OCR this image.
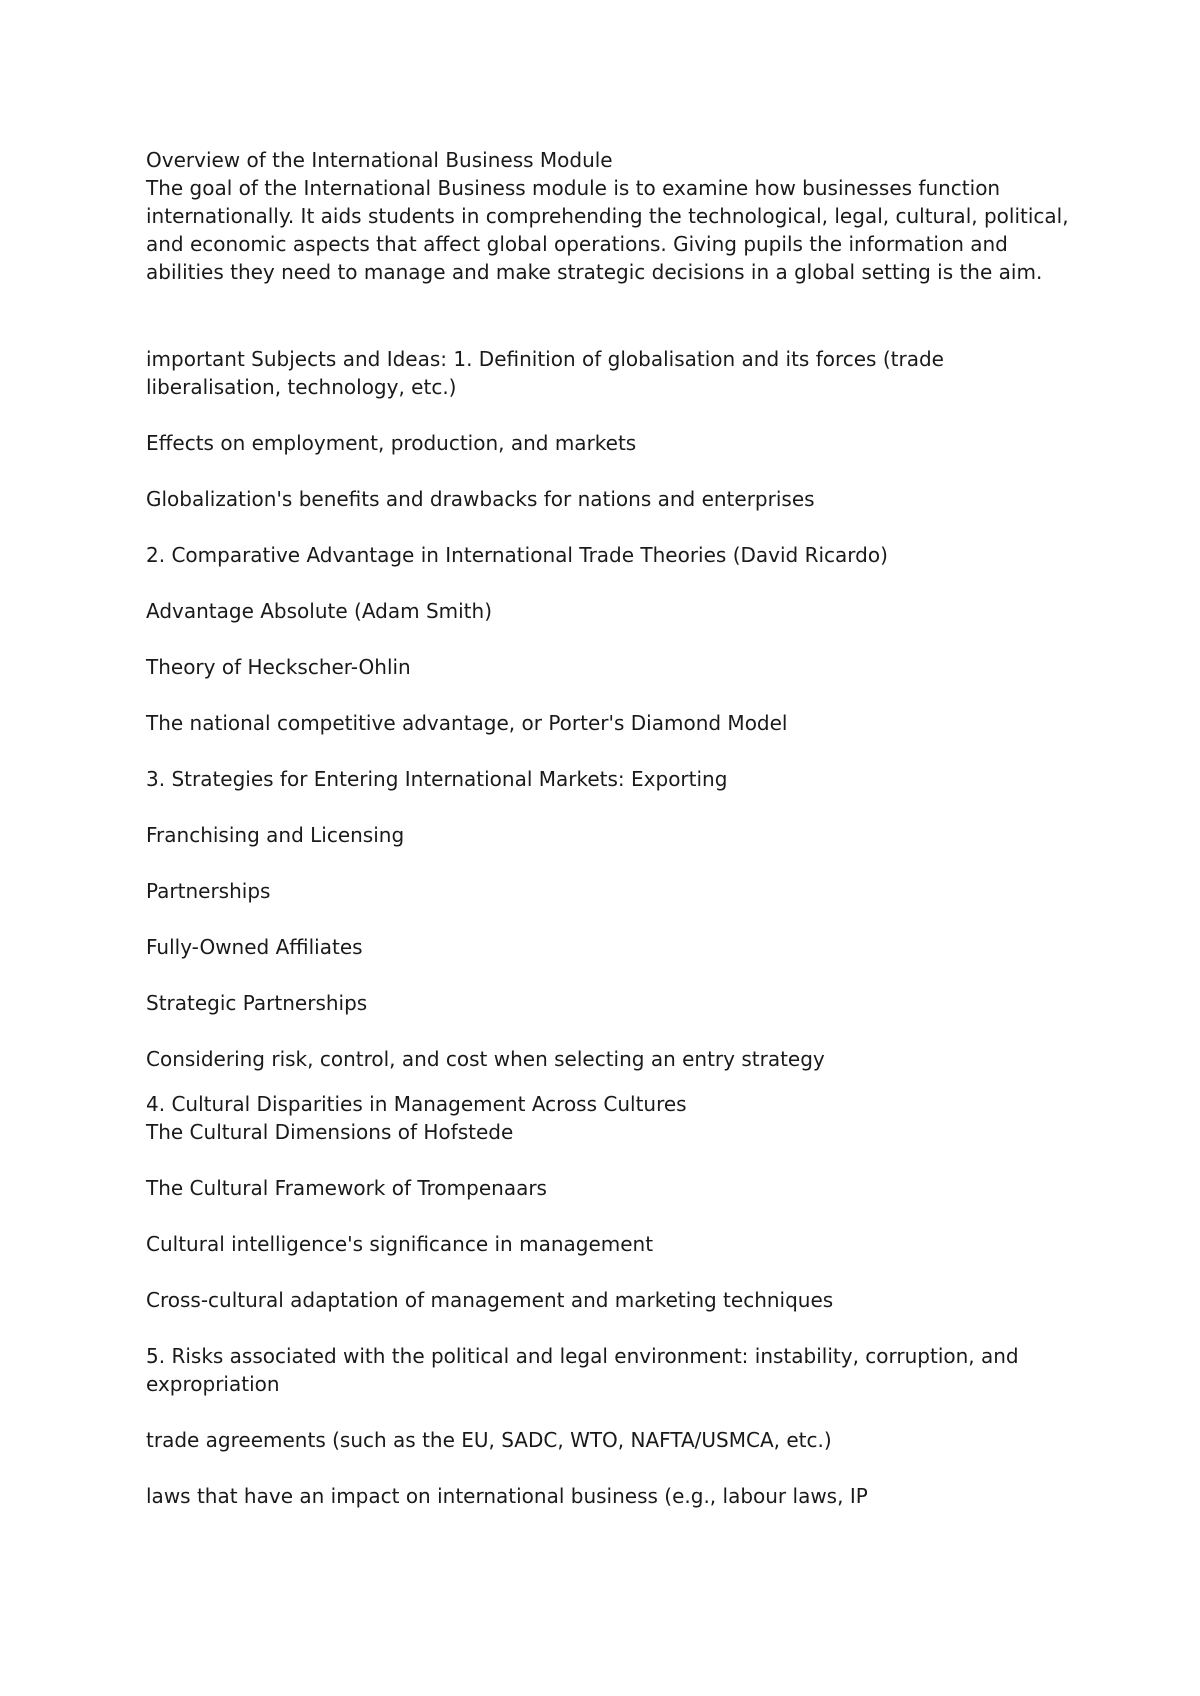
Overview of the International Business Module

The goal of the International Business module is to examine how businesses function internationally. It aids students in comprehending the technological, legal, cultural, political, and economic aspects that affect global operations. Giving pupils the information and abilities they need to manage and make strategic decisions in a global setting is the aim.

important Subjects and Ideas: 1. Definition of globalisation and its forces (trade liberalisation, technology, etc.)

Effects on employment, production, and markets

Globalization's benefits and drawbacks for nations and enterprises

2. Comparative Advantage in International Trade Theories (David Ricardo)

Advantage Absolute (Adam Smith)

Theory of Heckscher-Ohlin

The national competitive advantage, or Porter's Diamond Model

3. Strategies for Entering International Markets: Exporting

Franchising and Licensing

Partnerships

Fully-Owned Affiliates

Strategic Partnerships

Considering risk, control, and cost when selecting an entry strategy

4. Cultural Disparities in Management Across Cultures

The Cultural Dimensions of Hofstede

The Cultural Framework of Trompenaars

Cultural intelligence's significance in management

Cross-cultural adaptation of management and marketing techniques

5. Risks associated with the political and legal environment: instability, corruption, and expropriation

trade agreements (such as the EU, SADC, WTO, NAFTA/USMCA, etc.)

laws that have an impact on international business (e.g., labour laws, IP
